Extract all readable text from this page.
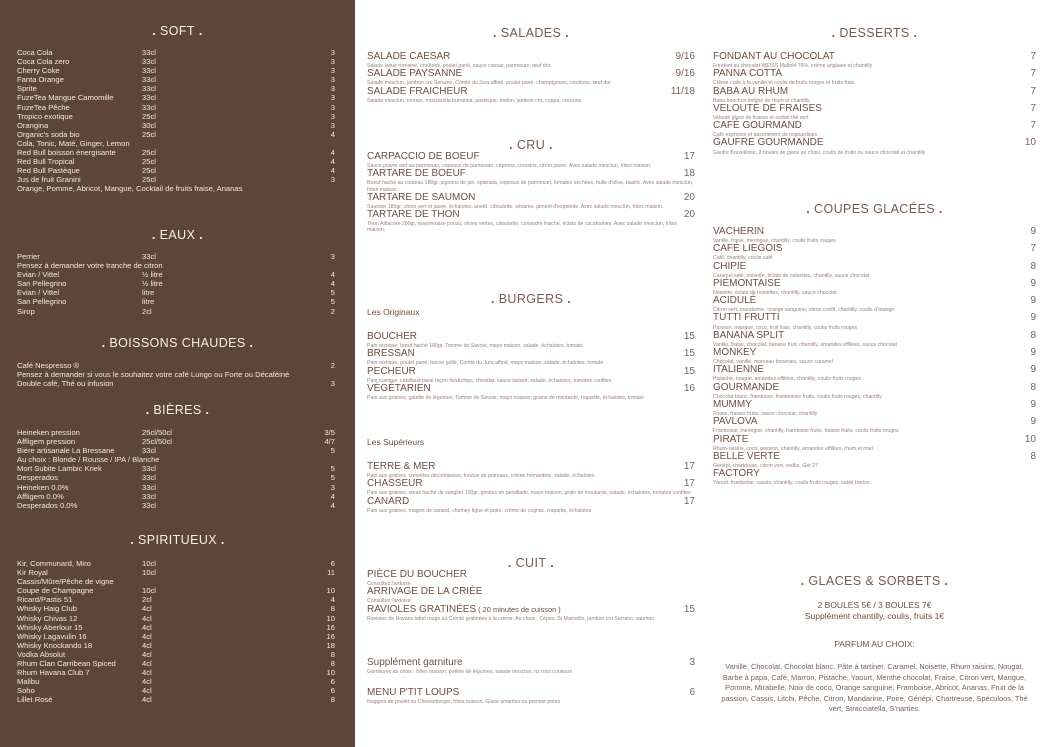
. SOFT .
Coca Cola	33cl	3
Coca Cola zero	33cl	3
Cherry Coke	33cl	3
Fanta Orange	33cl	3
Sprite	33cl	3
FuzeTea Mangue Camomille	33cl	3
FuzeTea Pêche	33cl	3
Tropico exotique	25cl	3
Orangina	30cl	3
Organic's soda bio	25cl	4
Cola, Tonic, Maté, Ginger, Lemon
Red Bull boisson énergisante	25cl	4
Red Bull Tropical	25cl	4
Red Bull Pastèque	25cl	4
Jus de fruit Granini	25cl	3
Orange, Pomme, Abricot, Mangue, Cocktail de fruits fraise, Ananas
. EAUX .
Perrier	33cl	3
Pensez à demander votre tranche de citron
Evian / Vittel	½ litre	4
San Pellegrino	½ litre	4
Evian / Vittel	litre	5
San Pellegrino	litre	5
Sirop	2cl	2
. BOISSONS CHAUDES .
Café Nespresso ®	2
Pensez à demander si vous le souhaitez votre café Lungo ou Forte ou Décaféiné
Double café, Thé ou infusion	3
. BIÈRES .
Heineken pression	25cl/50cl	3/5
Affligem pression	25cl/50cl	4/7
Bière artisanale La Bressane	33cl	5
Au choix : Blonde / Rousse / IPA / Blanche
Mort Subite Lambic Kriek	33cl	5
Desperados	33cl	5
Heineken 0.0%	33cl	3
Affligem 0.0%	33cl	4
Desperados 0.0%	33cl	4
. SPIRITUEUX .
Kir, Communard, Miro	10cl	6
Kir Royal	10cl	11
Cassis/Mûre/Pêche de vigne
Coupe de Champagne	10cl	10
Ricard/Pastis 51	2cl	4
Whisky Haig Club	4cl	8
Whisky Chivas 12	4cl	10
Whisky Aberlour 15	4cl	16
Whisky Lagavulin 16	4cl	16
Whisky Knockando 18	4cl	18
Vodka Absolut	4cl	8
Rhum Clan Carribean Spiced	4cl	8
Rhum Havana Club 7	4cl	10
Malibu	4cl	6
Soho	4cl	6
Lillet Rosé	4cl	8
. SALADES .
. CRU .
. BURGERS .
. CUIT .
Les Originaux
Les Supérieurs
SALADE CAESAR	9/16
Salade laitue romaine, croûtons, poulet pané, sauce caesar, parmesan, œuf dur.
SALADE PAYSANNE	9/16
Salade mesclun, jambon cru Serrano, Comté du Jura affiné, poulet pané, champignons, croûtons, œuf dur.
SALADE FRAICHEUR	11/18
Salade mesclun, tomate, mozzarella burratina, pastèque, melon, jambon cru, coppa, cressins.
CARPACCIO DE BOEUF	17
Sauce poivre vert au parmesan, copeaux de parmesan, câprons, cressins, citron jaune. Avec salade mesclun, frites maison.
TARTARE DE BOEUF	18
Boeuf haché au couteau 180gr, pignons de pin, spianata, copeaux de parmesan, tomates séchées, huile d'olive, basilic. Avec salade mesclun, frites maison.
TARTARE DE SAUMON	20
Saumon 180gr, citron vert et jaune, échalotes, aneth, ciboulette, sésame, piment d'espelette. Avec salade mesclun, frites maison.
TARTARE DE THON	20
Thon Albacore 200gr, mayonnaise ponzu, olives vertes, ciboulette, coriandre fraiche, éclats de cacahuètes. Avec salade mesclun, frites maison.
BOUCHER	15
Pain rustique, bœuf haché 180gr, Tomme de Savoie, mayo maison, salade, échalotes, tomate.
BRESSAN	15
Pain rustique, poulet pané, bacon grillé, Comté du Jura affiné, mayo maison, salade, échalotes, tomate
PECHEUR	15
Pain rustique, cabillaud pané façon fish&chips, cheddar, sauce tartare, salade, échalotes, tomates confites
VÉGÉTARIEN	16
Pain aux graines, galette de légumes, Tomme de Savoie, mayo maison, grains de moutarde, roquette, échalotes, tomate
TERRE & MER	17
Pain aux graines, crevettes décortiquées, fondue de poireaux, crème homardine, salade, échalotes
CHASSEUR	17
Pain aux graines, steak haché de sanglier 150gr, girolles en persillade, mayo maison, grain de moutarde, salade, échalotes, tomates confites
CANARD	17
Pain aux graines, magret de canard, chutney figue et poire, crème de cognac, roquette, échalotes
PIÈCE DU BOUCHER
Consultez l'ardoise
ARRIVAGE DE LA CRIÉE
Consultez l'ardoise
RAVIOLES GRATINÉES ( 20 minutes de cuisson )	15
Ravioles de Royans label rouge au Comté gratinées à la crème. Au choix : Cèpes, St Marcellin, jambon cru Serrano, saumon
Supplément garniture	3
Garnitures au choix : frites maison, poêlée de légumes, salade mesclun, riz trois couleurs
MENU P'TIT LOUPS	6
Nuggets de poulet ou Cheeseburger, frites maison. Glace smarties ou pomme potes
2 BOULES 5€ / 3 BOULES 7€
Supplément chantilly, coulis, fruits 1€
PARFUM AU CHOIX:
Vanille, Chocolat, Chocolat blanc, Pâte à tartiner, Caramel, Noisette, Rhum raisins, Nougat, Barbe à papa, Café, Marron, Pistache, Yaourt, Menthe chocolat, Fraise, Citron vert, Mangue, Pomme, Mirabelle, Noix de coco, Orange sanguine, Framboise, Abricot, Ananas, Fruit de la passion, Cassis, Litchi, Pêche, Citron, Mandarine, Poire, Génépi, Chartreuse, Spéculoos, Thé vert, Stracciatella, S'narties.
. DESSERTS .
. COUPES GLACÉES .
. GLACES & SORBETS .
FONDANT AU CHOCOLAT	7
Fondant au chocolat WEISS Maltolé 76%, crème anglaise et chantilly
PANNA COTTA	7
Crème cuite à la vanille et coulis de fruits rouges et fruits frais
BABA AU RHUM	7
Baba bouchon imbibé de rhum et chantilly
VELOUTÉ DE FRAISES	7
Velouté glacé de fraises et sorbet thé vert
CAFÉ GOURMAND	7
Café expresso et assortiment de mignardises
GAUFRE GOURMANDE	10
Gaufre Bruxelloise, 2 boules de glace au choix, coulis de fruits ou sauce chocolat et chantilly
VACHERIN	9
Vanille, fraise, meringue, chantilly, coulis fruits rouges
CAFÉ LIEGOIS	7
Café, chantilly, coulis café
CHIPIE	8
Caramel salé, noisette, éclats de noisettes, chantilly, sauce chocolat
PIÉMONTAISE	9
Noisette, éclats de noisettes, chantilly, sauce chocolat
ACIDULÉ	9
Citron vert, mandarine, orange sanguine, citron confit, chantilly, coulis d'orange
TUTTI FRUTTI	9
Passion, mangue, coco, fruit frais, chantilly, coulis fruits rouges
BANANA SPLIT	8
Vanille, fraise, chocolat, banane fruit, chantilly, amandes effilées, sauce chocolat
MONKEY	9
Chocolat, vanille, morceau brownies, sauce caramel
ITALIENNE	9
Pistache, nougat, amandes effilées, chantilly, coulis fruits rouges
GOURMANDE	8
Chocolat blanc, framboise, framboises fruits, coulis fruits rouges, chantilly
MUMMY	9
Fraise, fraises fruits, sauce chocolat, chantilly
PAVLOVA	9
Framboise, meringue, chantilly, framboise fruits, fraises fruits, coulis fruits rouges
PIRATE	10
Rhum-raisins, coco, passion, chantilly, amandes effilées, rhum et miel
BELLE VERTE	8
Génépi, chartreuse, citron vert, vodka, Get 27
FACTORY
Yaourt, framboise, cassis, chantilly, coulis fruits rouges, sablé breton
